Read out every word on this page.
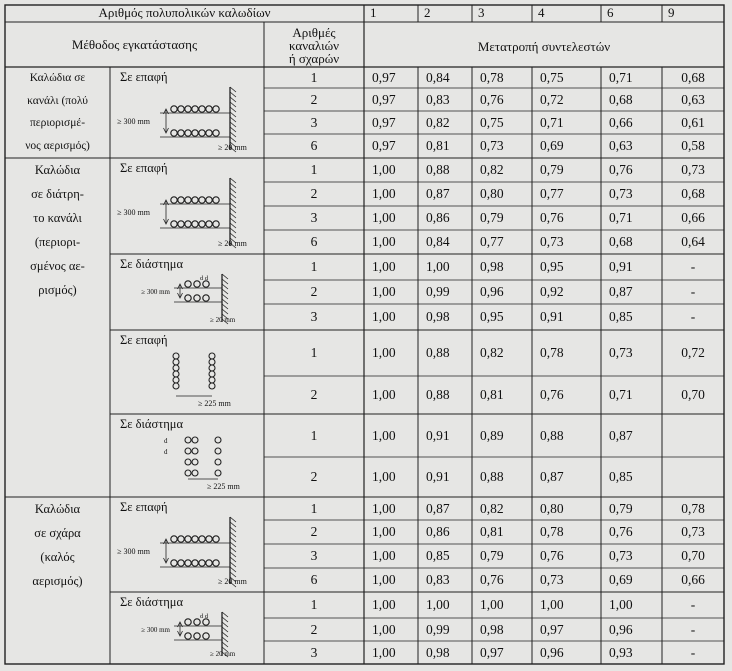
≥ 300 mm
≥ 20 mm
≥ 300 mm
≥ 20 mm
≥ 300 mm
d d
≥ 20 mm
≥ 225 mm
≥ 225 mm
d
d
≥ 300 mm
≥ 20 mm
≥ 300 mm
d d
≥ 20 mm
Αριθμός πολυπολικών καλωδίων	1	2	3	4	6	9
Μέθοδος εγκατάστασης
Αριθμές
καναλιών
ή σχαρών
Μετατροπή συντελεστών
Καλώδια σε
κανάλι (πολύ
περιορισμέ-
νος αερισμός)
Καλώδια
σε διάτρη-
το κανάλι
(περιορι-
σμένος αε-
ρισμός)
Καλώδια
σε σχάρα
(καλός
αερισμός)
1	0,97 0,84 0,78	0,75	0,71	0,68
2	0,97 0,83 0,76	0,72	0,68	0,63
3	0,97 0,82 0,75	0,71	0,66	0,61
6	0,97 0,81 0,73	0,69	0,63	0,58
1	1,00 0,88 0,82	0,79	0,76	0,73
2	1,00 0,87 0,80	0,77	0,73	0,68
3	1,00 0,86 0,79	0,76	0,71	0,66
6	1,00 0,84 0,77	0,73	0,68	0,64
1	1,00 1,00 0,98	0,95	0,91	-
2	1,00 0,99 0,96	0,92	0,87	-
3	1,00 0,98 0,95	0,91	0,85	-
1	1,00 0,88 0,82	0,78	0,73	0,72
2	1,00 0,88 0,81	0,76	0,71	0,70
1	1,00 0,91 0,89	0,88	0,87
2	1,00 0,91 0,88	0,87	0,85
1	1,00 0,87 0,82	0,80	0,79	0,78
2	1,00 0,86 0,81	0,78	0,76	0,73
3	1,00 0,85 0,79	0,76	0,73	0,70
6	1,00 0,83 0,76	0,73	0,69	0,66
1	1,00 1,00 1,00	1,00	1,00	-
2	1,00 0,99 0,98	0,97	0,96	-
3	1,00 0,98 0,97	0,96	0,93	-
Σε επαφή
Σε επαφή
Σε διάστημα
Σε επαφή
Σε διάστημα
Σε επαφή
Σε διάστημα
